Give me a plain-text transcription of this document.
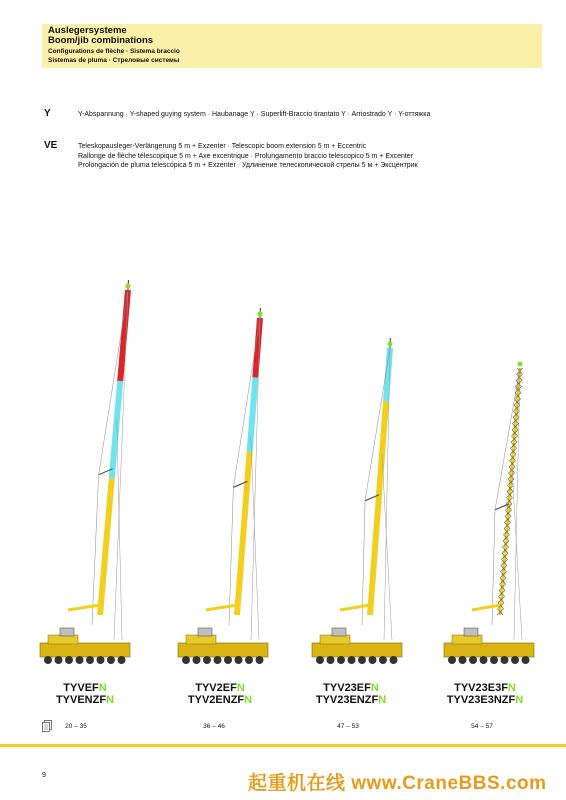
Auslegersysteme
Boom/jib combinations
Configurations de flèche · Sistema braccio
Sistemas de pluma · Стреловые системы
Y	Y-Abspannung · Y-shaped guying system · Haubanage Y · Superlift-Braccio tirantato Y · Arriostrado Y · Y-оттяжка
VE	Teleskopausleger-Verlängerung 5 m + Exzenter · Telescopic boom extension 5 m + Eccentric
Rallonge de flèche télescopique 5 m + Axe excentrique · Prolungamento braccio telescopico 5 m + Excenter
Prolongación de pluma telescópica 5 m + Exzenter · Удлинение телескопической стрелы 5 м + Эксцентрик
TYVEFN
TYVENZFN
TYV2EFN
TYV2ENZFN
TYV23EFN
TYV23ENZFN
TYV23E3FN
TYV23E3NZFN
20 – 35	36 – 46	47 – 53	54 – 57
9	起重机在线 www.CraneBBS.com
